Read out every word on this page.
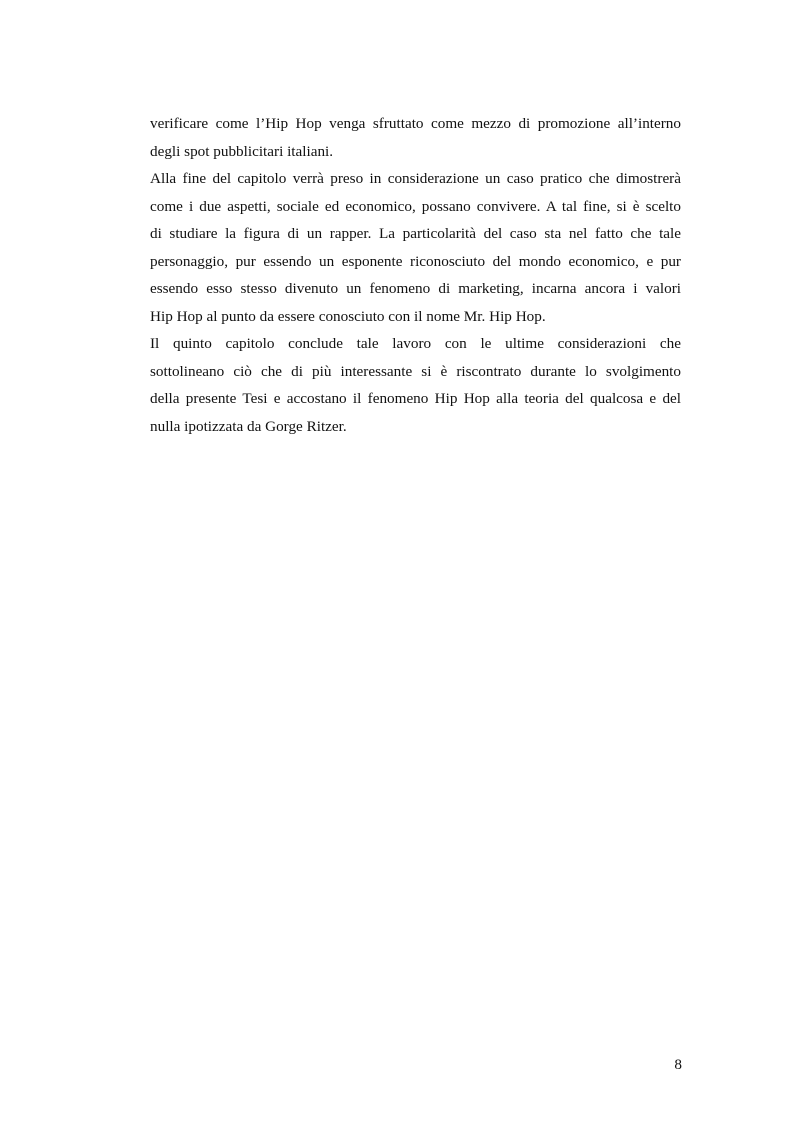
verificare come l’Hip Hop venga sfruttato come mezzo di promozione all’interno
degli spot pubblicitari italiani.
Alla fine del capitolo verrà preso in considerazione un caso pratico che dimostrerà
come i due aspetti, sociale ed economico, possano convivere. A tal fine, si è scelto
di studiare la figura di un rapper. La particolarità del caso sta nel fatto che tale
personaggio, pur essendo un esponente riconosciuto del mondo economico, e pur
essendo esso stesso divenuto un fenomeno di marketing, incarna ancora i valori
Hip Hop al punto da essere conosciuto con il nome Mr. Hip Hop.
Il quinto capitolo conclude tale lavoro con le ultime considerazioni che
sottolineano ciò che di più interessante si è riscontrato durante lo svolgimento
della presente Tesi e accostano il fenomeno Hip Hop alla teoria del qualcosa e del
nulla ipotizzata da Gorge Ritzer.
8
